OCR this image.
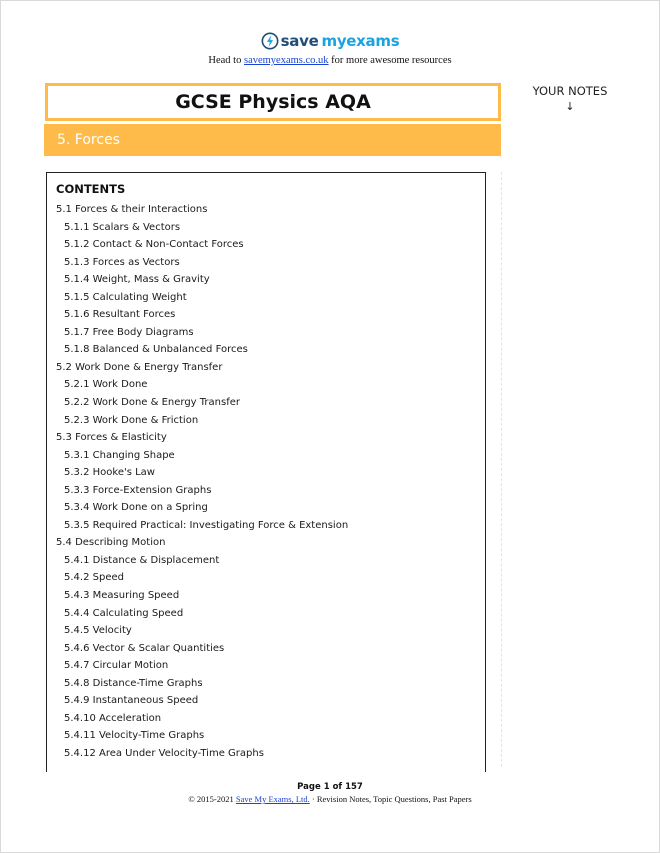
save my exams
Head to savemyexams.co.uk for more awesome resources
GCSE Physics AQA
5. Forces
YOUR NOTES
↓
CONTENTS
5.1 Forces & their Interactions
5.1.1 Scalars & Vectors
5.1.2 Contact & Non-Contact Forces
5.1.3 Forces as Vectors
5.1.4 Weight, Mass & Gravity
5.1.5 Calculating Weight
5.1.6 Resultant Forces
5.1.7 Free Body Diagrams
5.1.8 Balanced & Unbalanced Forces
5.2 Work Done & Energy Transfer
5.2.1 Work Done
5.2.2 Work Done & Energy Transfer
5.2.3 Work Done & Friction
5.3 Forces & Elasticity
5.3.1 Changing Shape
5.3.2 Hooke's Law
5.3.3 Force-Extension Graphs
5.3.4 Work Done on a Spring
5.3.5 Required Practical: Investigating Force & Extension
5.4 Describing Motion
5.4.1 Distance & Displacement
5.4.2 Speed
5.4.3 Measuring Speed
5.4.4 Calculating Speed
5.4.5 Velocity
5.4.6 Vector & Scalar Quantities
5.4.7 Circular Motion
5.4.8 Distance-Time Graphs
5.4.9 Instantaneous Speed
5.4.10 Acceleration
5.4.11 Velocity-Time Graphs
5.4.12 Area Under Velocity-Time Graphs
Page 1 of 157
© 2015-2021 Save My Exams, Ltd. · Revision Notes, Topic Questions, Past Papers
